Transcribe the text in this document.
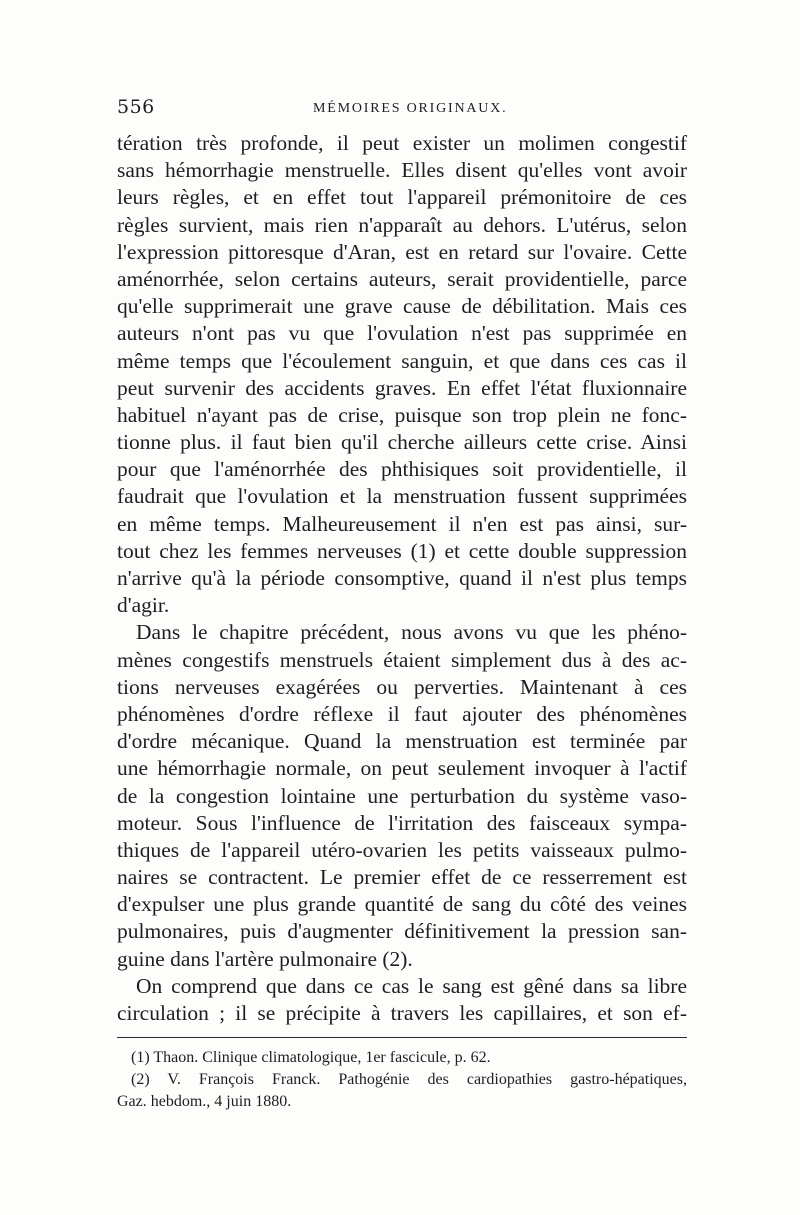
556	MÉMOIRES ORIGINAUX.
tération très profonde, il peut exister un molimen congestif
sans hémorrhagie menstruelle. Elles disent qu'elles vont avoir
leurs règles, et en effet tout l'appareil prémonitoire de ces
règles survient, mais rien n'apparaît au dehors. L'utérus, selon
l'expression pittoresque d'Aran, est en retard sur l'ovaire. Cette
aménorrhée, selon certains auteurs, serait providentielle, parce
qu'elle supprimerait une grave cause de débilitation. Mais ces
auteurs n'ont pas vu que l'ovulation n'est pas supprimée en
même temps que l'écoulement sanguin, et que dans ces cas il
peut survenir des accidents graves. En effet l'état fluxionnaire
habituel n'ayant pas de crise, puisque son trop plein ne fonc-
tionne plus. il faut bien qu'il cherche ailleurs cette crise. Ainsi
pour que l'aménorrhée des phthisiques soit providentielle, il
faudrait que l'ovulation et la menstruation fussent supprimées
en même temps. Malheureusement il n'en est pas ainsi, sur-
tout chez les femmes nerveuses (1) et cette double suppression
n'arrive qu'à la période consomptive, quand il n'est plus temps
d'agir.
Dans le chapitre précédent, nous avons vu que les phéno-
mènes congestifs menstruels étaient simplement dus à des ac-
tions nerveuses exagérées ou perverties. Maintenant à ces
phénomènes d'ordre réflexe il faut ajouter des phénomènes
d'ordre mécanique. Quand la menstruation est terminée par
une hémorrhagie normale, on peut seulement invoquer à l'actif
de la congestion lointaine une perturbation du système vaso-
moteur. Sous l'influence de l'irritation des faisceaux sympa-
thiques de l'appareil utéro-ovarien les petits vaisseaux pulmo-
naires se contractent. Le premier effet de ce resserrement est
d'expulser une plus grande quantité de sang du côté des veines
pulmonaires, puis d'augmenter définitivement la pression san-
guine dans l'artère pulmonaire (2).
On comprend que dans ce cas le sang est gêné dans sa libre
circulation ; il se précipite à travers les capillaires, et son ef-
(1) Thaon. Clinique climatologique, 1er fascicule, p. 62.
(2) V. François Franck. Pathogénie des cardiopathies gastro-hépatiques,
Gaz. hebdom., 4 juin 1880.
